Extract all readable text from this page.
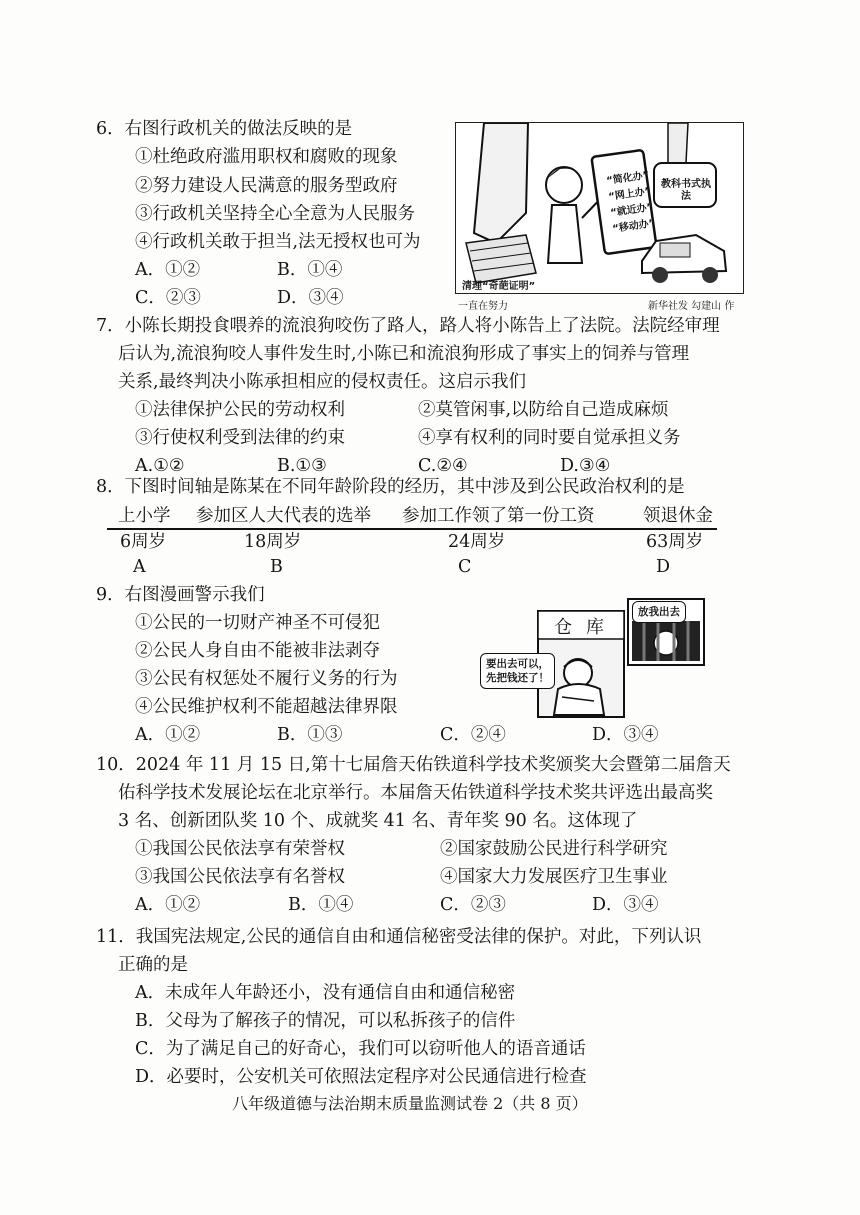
6．右图行政机关的做法反映的是
①杜绝政府滥用职权和腐败的现象
②努力建设人民满意的服务型政府
③行政机关坚持全心全意为人民服务
④行政机关敢于担当,法无授权也可为
A．①②	B．①④
C．②③	D．③④
“简化办”
“网上办”
“就近办”
“移动办”
教科书式执法
清理“奇葩证明”
一直在努力	新华社发 勾建山 作
7．小陈长期投食喂养的流浪狗咬伤了路人，路人将小陈告上了法院。法院经审理
后认为,流浪狗咬人事件发生时,小陈已和流浪狗形成了事实上的饲养与管理
关系,最终判决小陈承担相应的侵权责任。这启示我们
①法律保护公民的劳动权利	②莫管闲事,以防给自己造成麻烦
③行使权利受到法律的约束	④享有权利的同时要自觉承担义务
A.①②	B.①③	C.②④	D.③④
8．下图时间轴是陈某在不同年龄阶段的经历，其中涉及到公民政治权利的是
上小学 参加区人大代表的选举 参加工作领了第一份工资	领退休金
6周岁	18周岁	24周岁	63周岁
A	B	C	D
9．右图漫画警示我们
①公民的一切财产神圣不可侵犯
②公民人身自由不能被非法剥夺
③公民有权惩处不履行义务的行为
④公民维护权利不能超越法律界限
A．①②	B．①③	C．②④	D．③④
仓库
放我出去
要出去可以，
先把钱还了！
10．2024 年 11 月 15 日,第十七届詹天佑铁道科学技术奖颁奖大会暨第二届詹天
佑科学技术发展论坛在北京举行。本届詹天佑铁道科学技术奖共评选出最高奖
3 名、创新团队奖 10 个、成就奖 41 名、青年奖 90 名。这体现了
①我国公民依法享有荣誉权	②国家鼓励公民进行科学研究
③我国公民依法享有名誉权	④国家大力发展医疗卫生事业
A．①②	B．①④	C．②③	D．③④
11．我国宪法规定,公民的通信自由和通信秘密受法律的保护。对此，下列认识
正确的是
A．未成年人年龄还小，没有通信自由和通信秘密
B．父母为了解孩子的情况，可以私拆孩子的信件
C．为了满足自己的好奇心，我们可以窃听他人的语音通话
D．必要时，公安机关可依照法定程序对公民通信进行检查
八年级道德与法治期末质量监测试卷 2（共 8 页）
